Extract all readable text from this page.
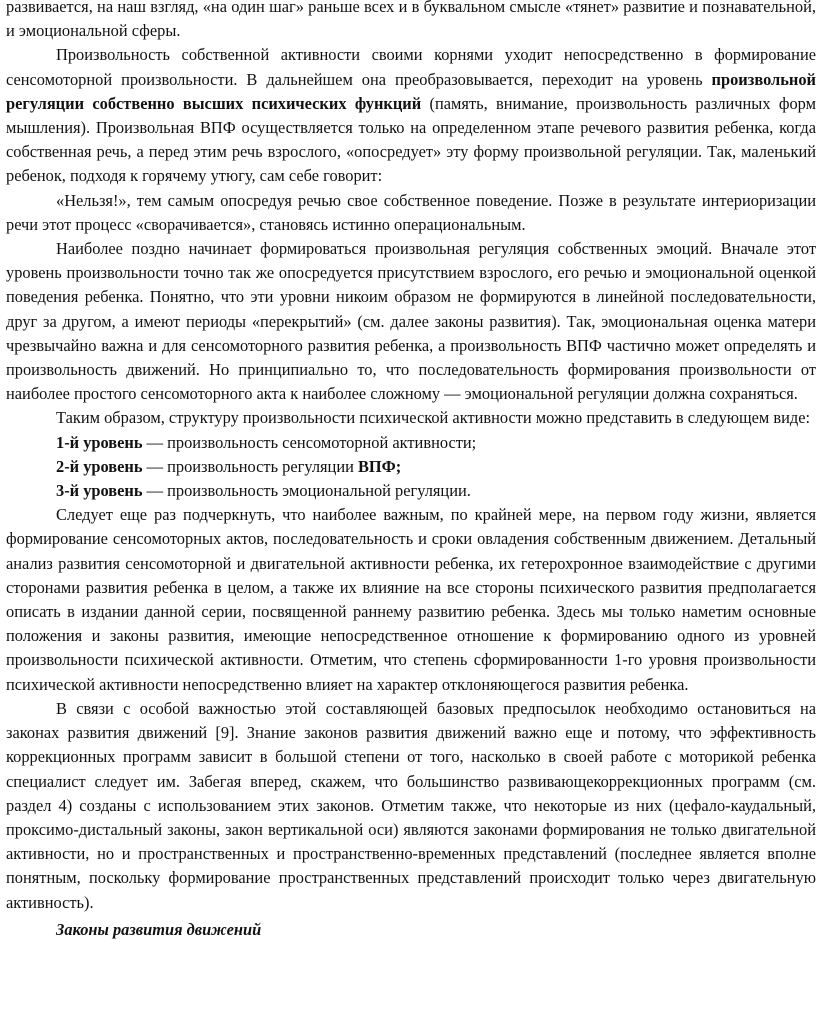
развивается, на наш взгляд, «на один шаг» раньше всех и в буквальном смысле «тянет» развитие и познавательной, и эмоциональной сферы.

Произвольность собственной активности своими корнями уходит непосредственно в формирование сенсомоторной произвольности. В дальнейшем она преобразовывается, переходит на уровень произвольной регуляции собственно высших психических функций (память, внимание, произвольность различных форм мышления). Произвольная ВПФ осуществляется только на определенном этапе речевого развития ребенка, когда собственная речь, а перед этим речь взрослого, «опосредует» эту форму произвольной регуляции. Так, маленький ребенок, подходя к горячему утюгу, сам себе говорит:

«Нельзя!», тем самым опосредуя речью свое собственное поведение. Позже в результате интериоризации речи этот процесс «сворачивается», становясь истинно операциональным.

Наиболее поздно начинает формироваться произвольная регуляция собственных эмоций. Вначале этот уровень произвольности точно так же опосредуется присутствием взрослого, его речью и эмоциональной оценкой поведения ребенка. Понятно, что эти уровни никоим образом не формируются в линейной последовательности, друг за другом, а имеют периоды «перекрытий» (см. далее законы развития). Так, эмоциональная оценка матери чрезвычайно важна и для сенсомоторного развития ребенка, а произвольность ВПФ частично может определять и произвольность движений. Но принципиально то, что последовательность формирования произвольности от наиболее простого сенсомоторного акта к наиболее сложному — эмоциональной регуляции должна сохраняться.

Таким образом, структуру произвольности психической активности можно представить в следующем виде:

1-й уровень — произвольность сенсомоторной активности;

2-й уровень — произвольность регуляции ВПФ;

3-й уровень — произвольность эмоциональной регуляции.

Следует еще раз подчеркнуть, что наиболее важным, по крайней мере, на первом году жизни, является формирование сенсомоторных актов, последовательность и сроки овладения собственным движением. Детальный анализ развития сенсомоторной и двигательной активности ребенка, их гетерохронное взаимодействие с другими сторонами развития ребенка в целом, а также их влияние на все стороны психического развития предполагается описать в издании данной серии, посвященной раннему развитию ребенка. Здесь мы только наметим основные положения и законы развития, имеющие непосредственное отношение к формированию одного из уровней произвольности психической активности. Отметим, что степень сформированности 1-го уровня произвольности психической активности непосредственно влияет на характер отклоняющегося развития ребенка.

В связи с особой важностью этой составляющей базовых предпосылок необходимо остановиться на законах развития движений [9]. Знание законов развития движений важно еще и потому, что эффективность коррекционных программ зависит в большой степени от того, насколько в своей работе с моторикой ребенка специалист следует им. Забегая вперед, скажем, что большинство развивающекоррекционных программ (см. раздел 4) созданы с использованием этих законов. Отметим также, что некоторые из них (цефало-каудальный, проксимо-дистальный законы, закон вертикальной оси) являются законами формирования не только двигательной активности, но и пространственных и пространственно-временных представлений (последнее является вполне понятным, поскольку формирование пространственных представлений происходит только через двигательную активность).

Законы развития движений
